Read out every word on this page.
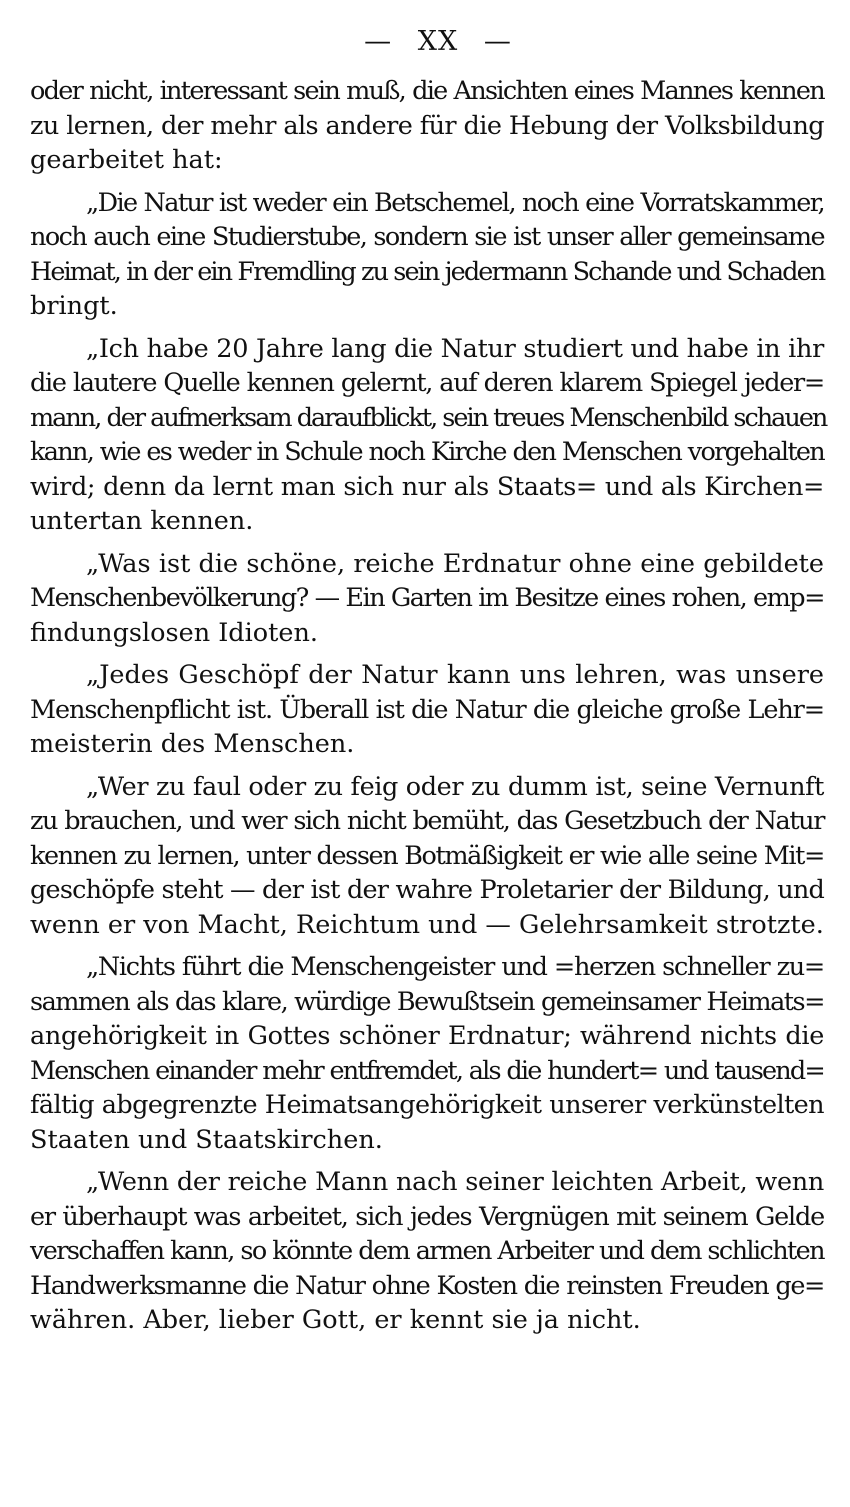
— XX —
oder nicht, interessant sein muß, die Ansichten eines Mannes kennen
zu lernen, der mehr als andere für die Hebung der Volksbildung
gearbeitet hat:
„Die Natur ist weder ein Betschemel, noch eine Vorratskammer,
noch auch eine Studierstube, sondern sie ist unser aller gemeinsame
Heimat, in der ein Fremdling zu sein jedermann Schande und Schaden
bringt.
„Ich habe 20 Jahre lang die Natur studiert und habe in ihr
die lautere Quelle kennen gelernt, auf deren klarem Spiegel jeder=
mann, der aufmerksam daraufblickt, sein treues Menschenbild schauen
kann, wie es weder in Schule noch Kirche den Menschen vorgehalten
wird; denn da lernt man sich nur als Staats= und als Kirchen=
untertan kennen.
„Was ist die schöne, reiche Erdnatur ohne eine gebildete
Menschenbevölkerung? — Ein Garten im Besitze eines rohen, emp=
findungslosen Idioten.
„Jedes Geschöpf der Natur kann uns lehren, was unsere
Menschenpflicht ist. Überall ist die Natur die gleiche große Lehr=
meisterin des Menschen.
„Wer zu faul oder zu feig oder zu dumm ist, seine Vernunft
zu brauchen, und wer sich nicht bemüht, das Gesetzbuch der Natur
kennen zu lernen, unter dessen Botmäßigkeit er wie alle seine Mit=
geschöpfe steht — der ist der wahre Proletarier der Bildung, und
wenn er von Macht, Reichtum und — Gelehrsamkeit strotzte.
„Nichts führt die Menschengeister und =herzen schneller zu=
sammen als das klare, würdige Bewußtsein gemeinsamer Heimats=
angehörigkeit in Gottes schöner Erdnatur; während nichts die
Menschen einander mehr entfremdet, als die hundert= und tausend=
fältig abgegrenzte Heimatsangehörigkeit unserer verkünstelten
Staaten und Staatskirchen.
„Wenn der reiche Mann nach seiner leichten Arbeit, wenn
er überhaupt was arbeitet, sich jedes Vergnügen mit seinem Gelde
verschaffen kann, so könnte dem armen Arbeiter und dem schlichten
Handwerksmanne die Natur ohne Kosten die reinsten Freuden ge=
währen. Aber, lieber Gott, er kennt sie ja nicht.
